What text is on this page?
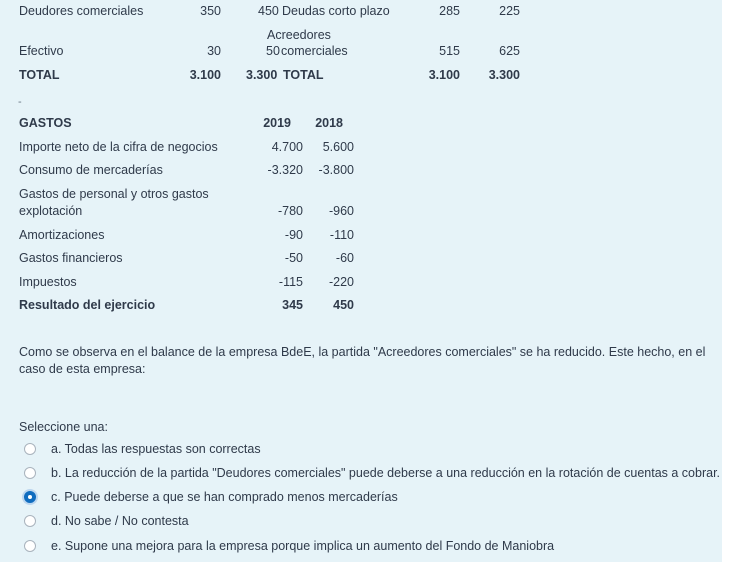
Deudores comerciales	350	450 Deudas corto plazo	285	225
Acreedores
Efectivo	30	50 comerciales	515	625
TOTAL	3.100 3.300 TOTAL	3.100	3.300
-
GASTOS	2019	2018
Importe neto de la cifra de negocios	4.700	5.600
Consumo de mercaderías	-3.320	-3.800
Gastos de personal y otros gastos
explotación	-780	-960
Amortizaciones	-90	-110
Gastos financieros	-50	-60
Impuestos	-115	-220
Resultado del ejercicio	345	450
Como se observa en el balance de la empresa BdeE, la partida "Acreedores comerciales" se ha reducido. Este hecho, en el
caso de esta empresa:
Seleccione una:
a. Todas las respuestas son correctas
b. La reducción de la partida "Deudores comerciales" puede deberse a una reducción en la rotación de cuentas a cobrar.
c. Puede deberse a que se han comprado menos mercaderías
d. No sabe / No contesta
e. Supone una mejora para la empresa porque implica un aumento del Fondo de Maniobra
